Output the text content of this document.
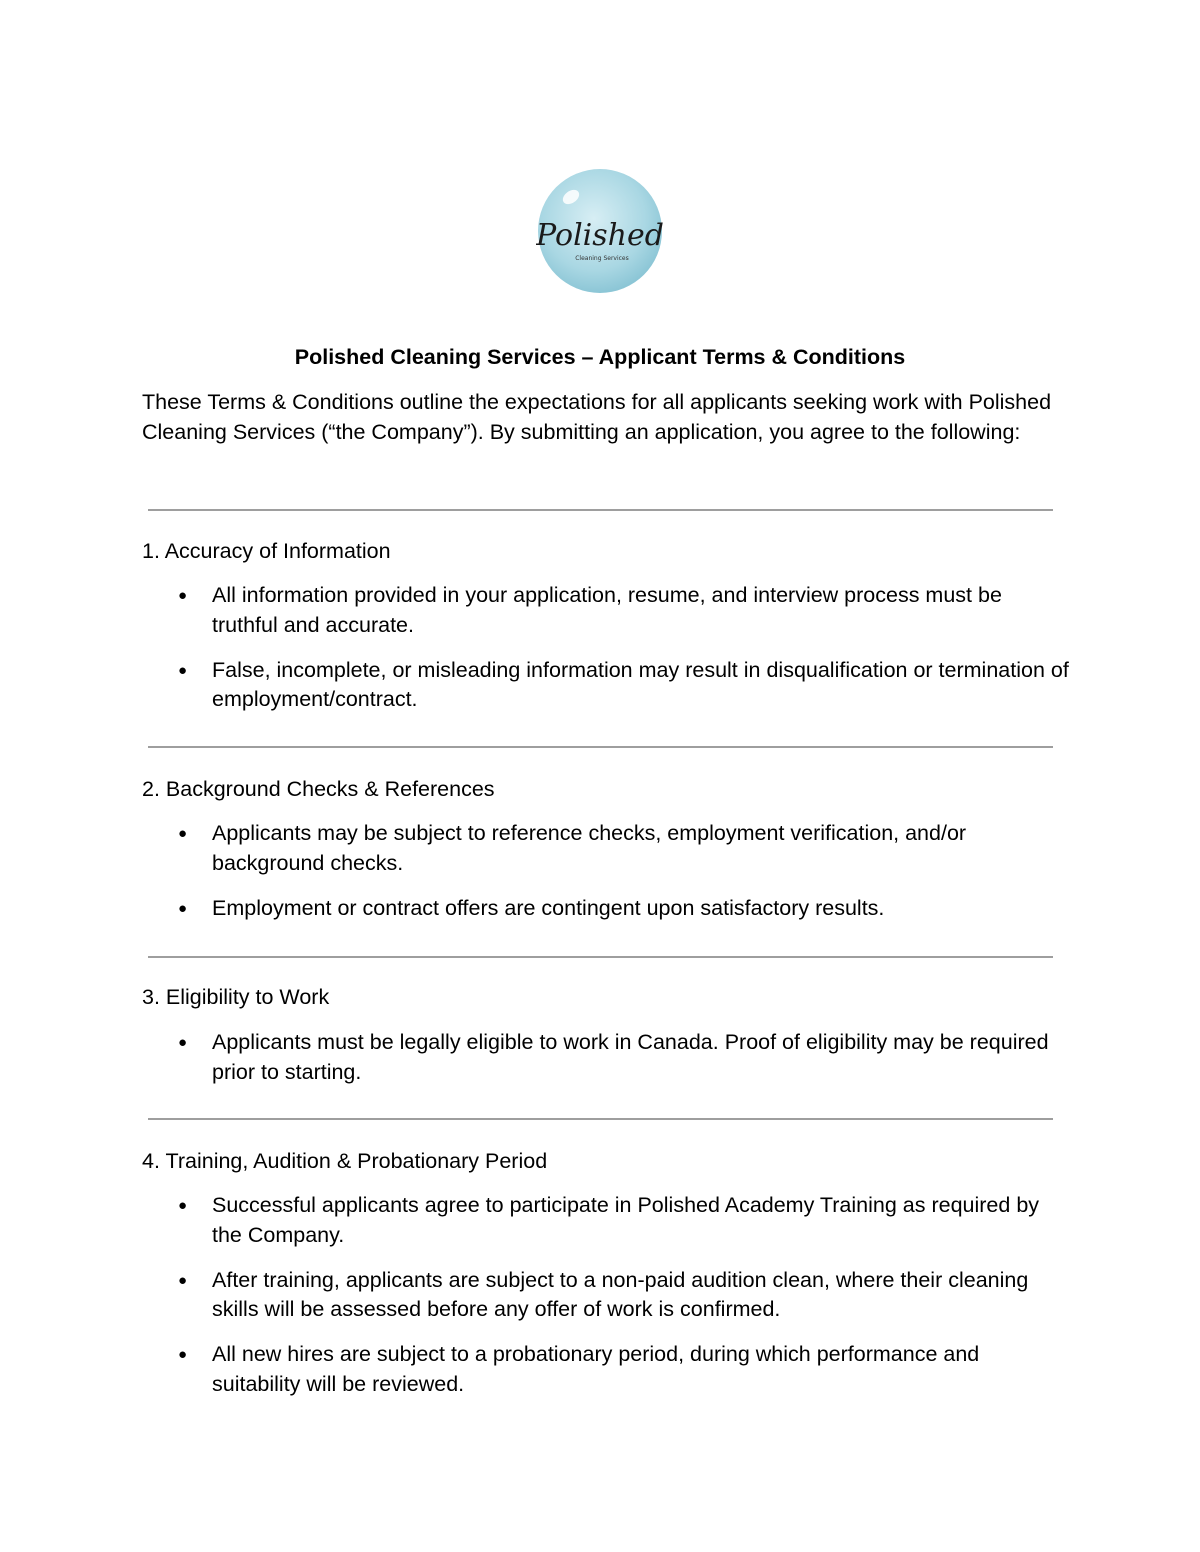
Polished
Cleaning Services
Polished Cleaning Services – Applicant Terms & Conditions
These Terms & Conditions outline the expectations for all applicants seeking work with Polished Cleaning Services (“the Company”). By submitting an application, you agree to the following:
1. Accuracy of Information
● All information provided in your application, resume, and interview process must be truthful and accurate.
● False, incomplete, or misleading information may result in disqualification or termination of employment/contract.
2. Background Checks & References
● Applicants may be subject to reference checks, employment verification, and/or background checks.
● Employment or contract offers are contingent upon satisfactory results.
3. Eligibility to Work
● Applicants must be legally eligible to work in Canada. Proof of eligibility may be required prior to starting.
4. Training, Audition & Probationary Period
● Successful applicants agree to participate in Polished Academy Training as required by the Company.
● After training, applicants are subject to a non-paid audition clean, where their cleaning skills will be assessed before any offer of work is confirmed.
● All new hires are subject to a probationary period, during which performance and suitability will be reviewed.
